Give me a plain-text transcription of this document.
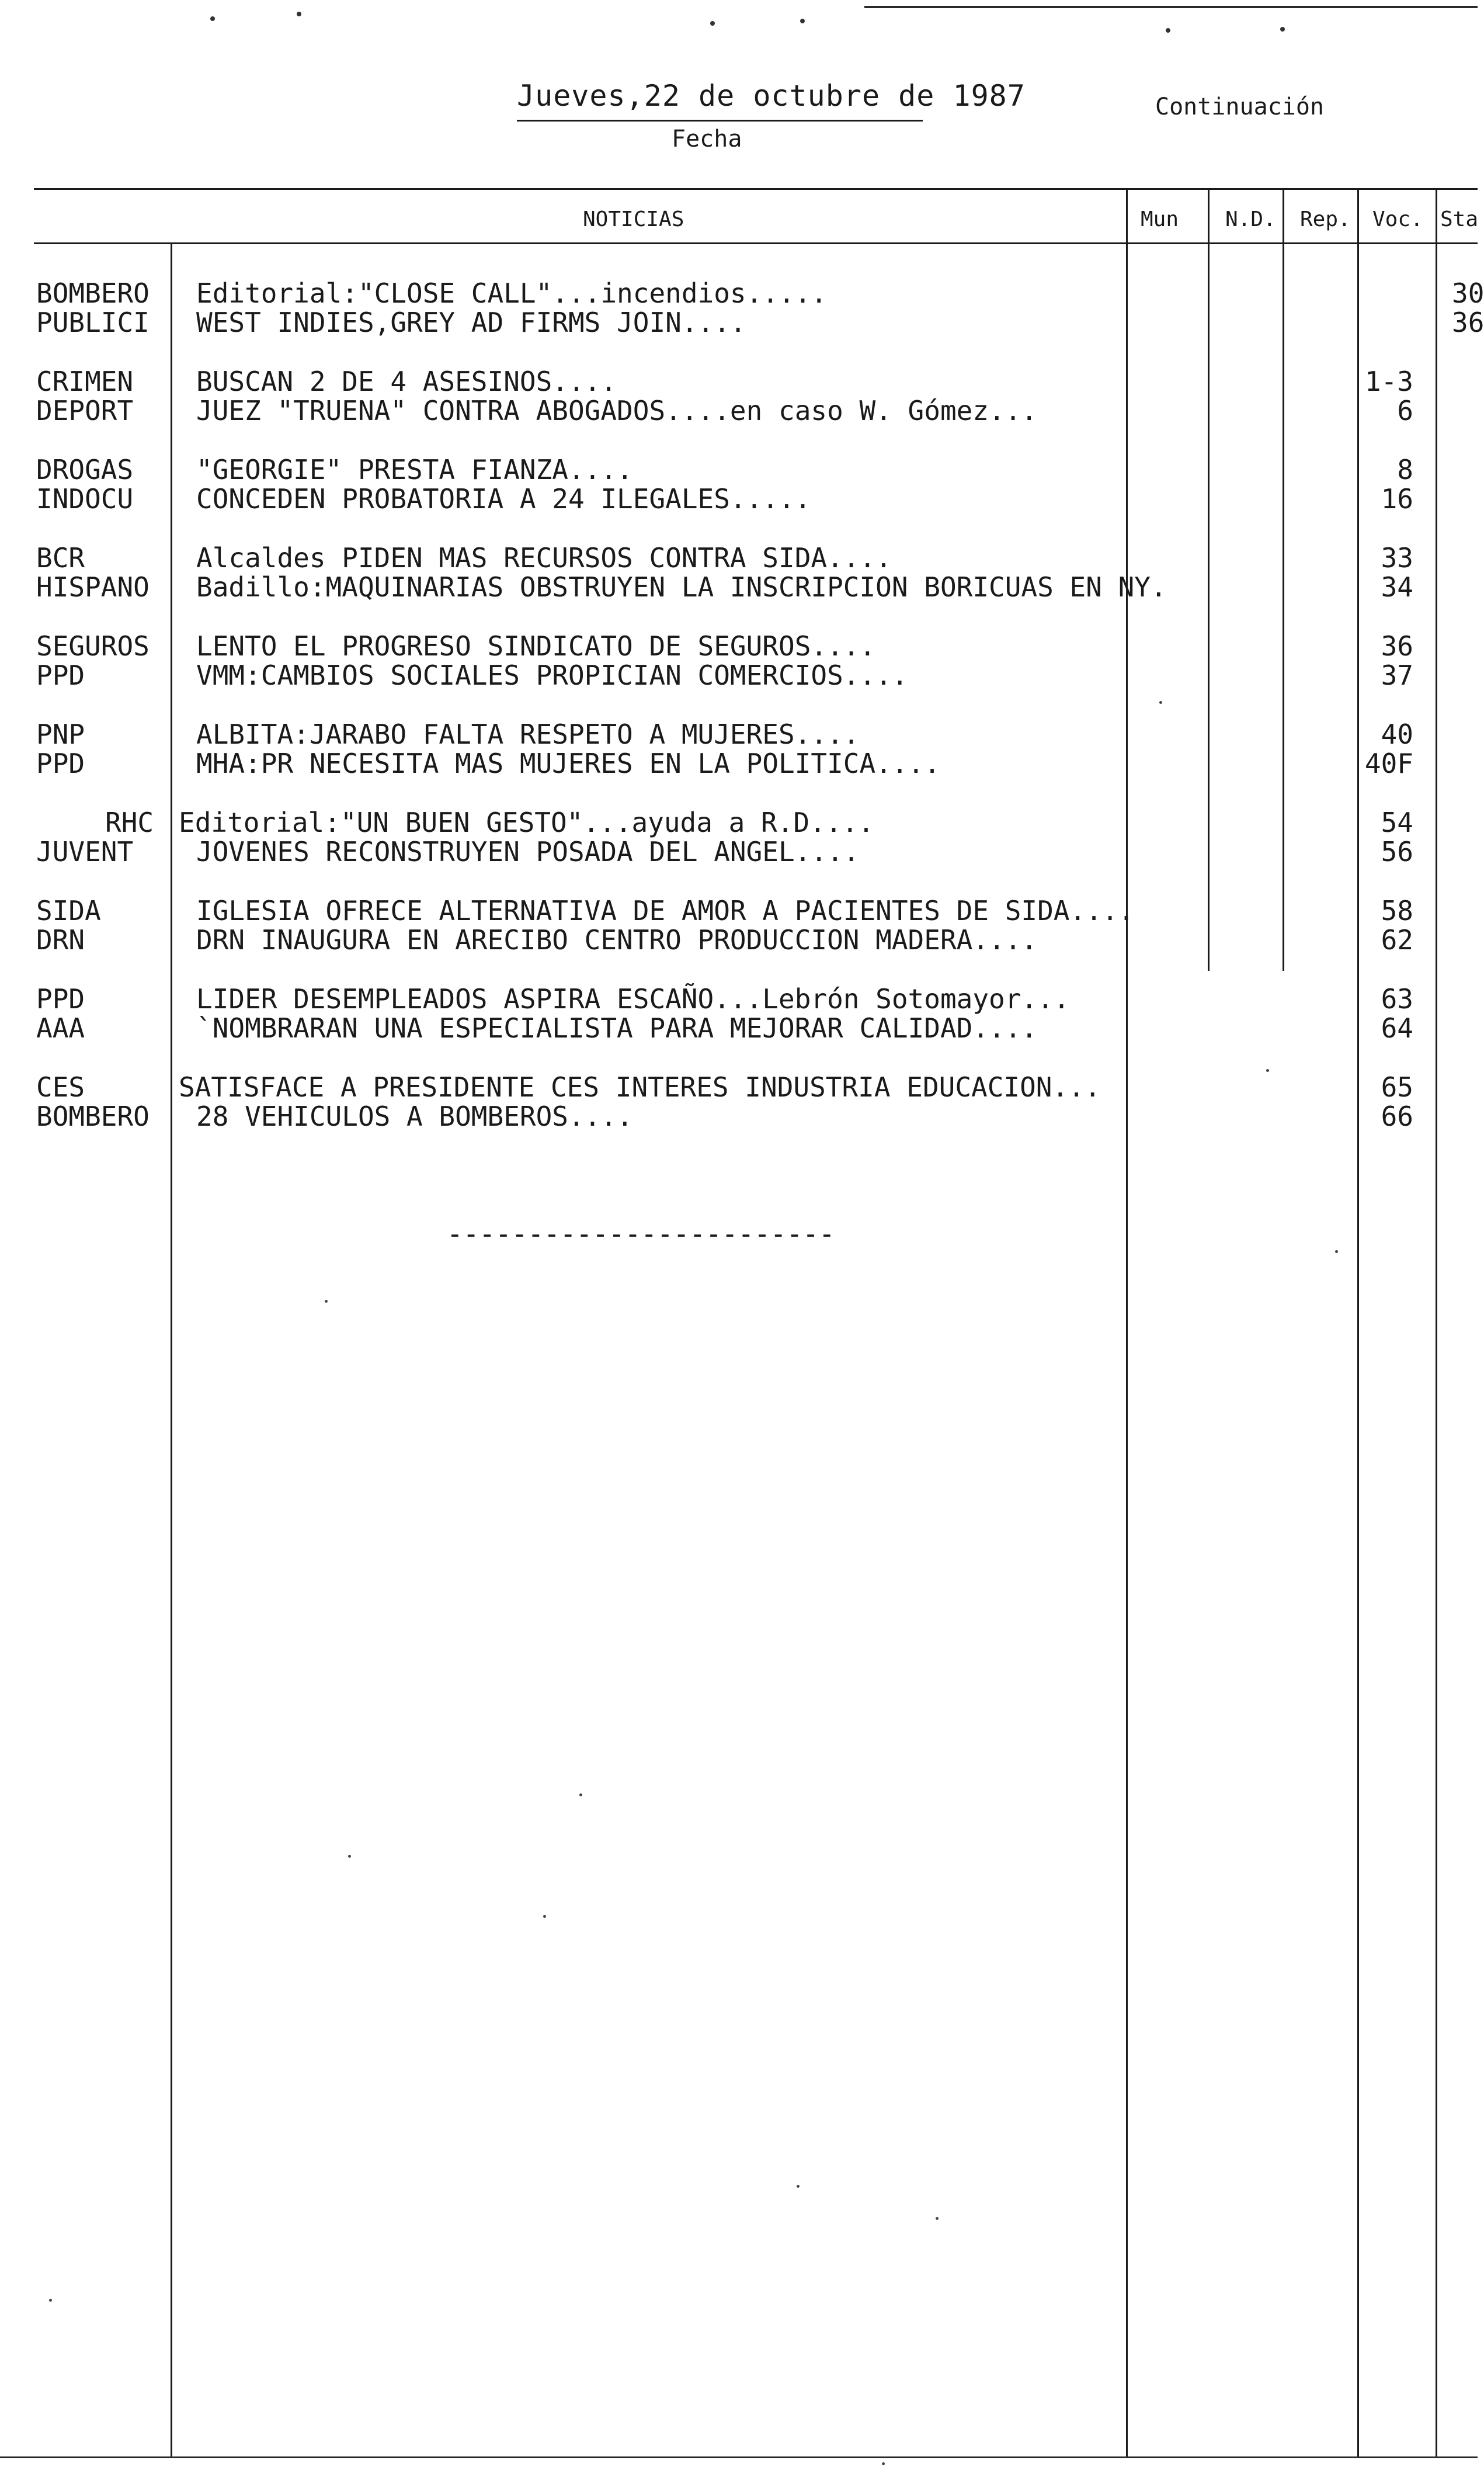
Jueves,22 de octubre de 1987
Fecha
Continuación
NOTICIAS	Mun N.D. Rep. Voc. Sta
BOMBERO Editorial:"CLOSE CALL"...incendios.....	30
PUBLICI WEST INDIES,GREY AD FIRMS JOIN....	36
CRIMEN BUSCAN 2 DE 4 ASESINOS....	1-3
DEPORT JUEZ "TRUENA" CONTRA ABOGADOS....en caso W. Gómez...	6
DROGAS "GEORGIE" PRESTA FIANZA....	8
INDOCU CONCEDEN PROBATORIA A 24 ILEGALES.....	16
BCR	Alcaldes PIDEN MAS RECURSOS CONTRA SIDA....	33
HISPANO Badillo:MAQUINARIAS OBSTRUYEN LA INSCRIPCION BORICUAS EN NY.	34
SEGUROS LENTO EL PROGRESO SINDICATO DE SEGUROS....	36
PPD	VMM:CAMBIOS SOCIALES PROPICIAN COMERCIOS....	37
PNP	ALBITA:JARABO FALTA RESPETO A MUJERES....	40
PPD	MHA:PR NECESITA MAS MUJERES EN LA POLITICA....	40F
RHC Editorial:"UN BUEN GESTO"...ayuda a R.D....	54
JUVENT JOVENES RECONSTRUYEN POSADA DEL ANGEL....	56
SIDA	IGLESIA OFRECE ALTERNATIVA DE AMOR A PACIENTES DE SIDA....	58
DRN	DRN INAUGURA EN ARECIBO CENTRO PRODUCCION MADERA....	62
PPD	LIDER DESEMPLEADOS ASPIRA ESCAÑO...Lebrón Sotomayor...	63
AAA	`NOMBRARAN UNA ESPECIALISTA PARA MEJORAR CALIDAD....	64
CES	SATISFACE A PRESIDENTE CES INTERES INDUSTRIA EDUCACION...	65
BOMBERO 28 VEHICULOS A BOMBEROS....	66
------------------------
